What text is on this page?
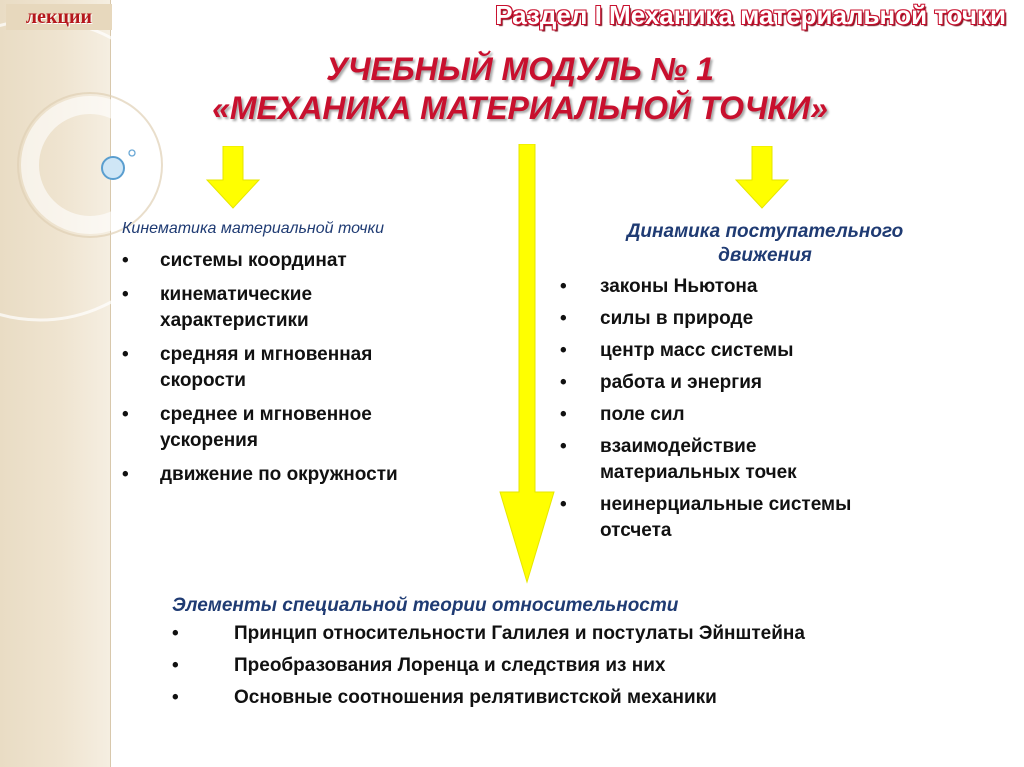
лекции	Раздел I Механика материальной точки
УЧЕБНЫЙ МОДУЛЬ № 1
«МЕХАНИКА МАТЕРИАЛЬНОЙ ТОЧКИ»
Кинематика материальной точки
• системы координат
• кинематические характеристики
• средняя и мгновенная скорости
• среднее и мгновенное ускорения
• движение по окружности
Динамика поступательного движения
• законы Ньютона
• силы в природе
• центр масс системы
• работа и энергия
• поле сил
• взаимодействие материальных точек
• неинерциальные системы отсчета
Элементы специальной теории относительности
•	Принцип относительности Галилея и постулаты Эйнштейна
•	Преобразования Лоренца и следствия из них
•	Основные соотношения релятивистской механики
